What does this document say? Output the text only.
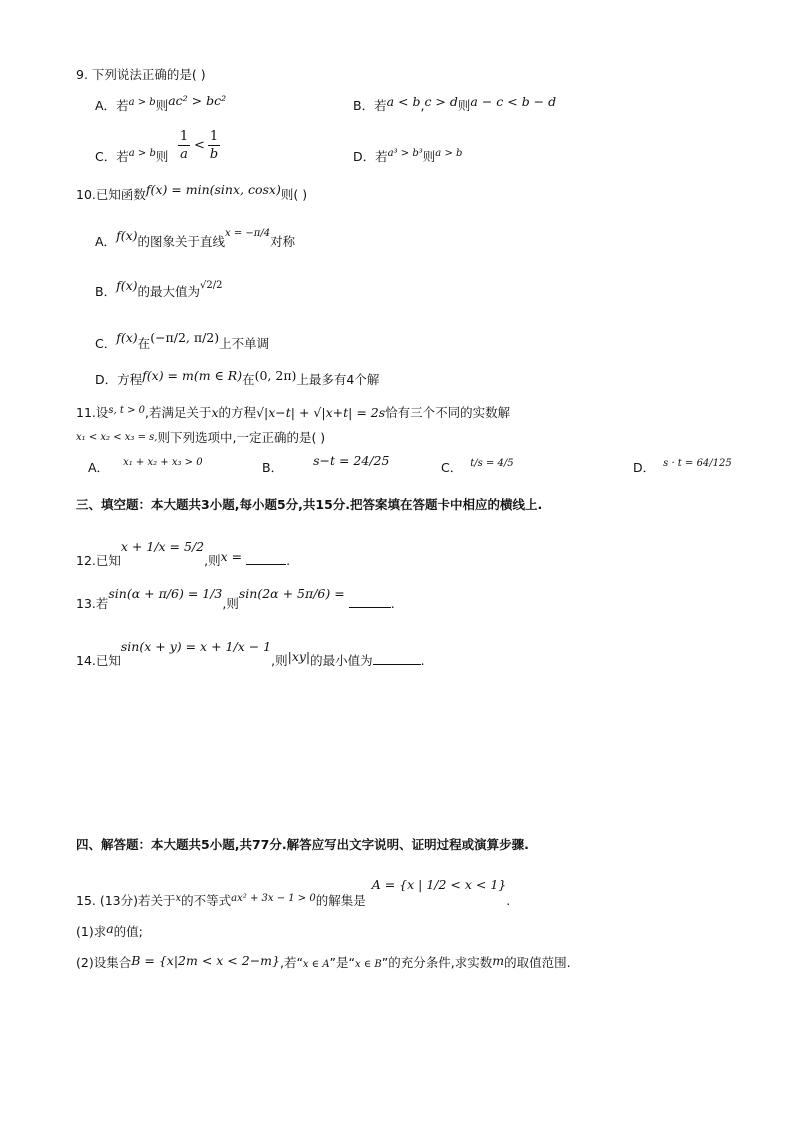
9. 下列说法正确的是( )
A．若$^{a > b}$则ac² > bc²	B．若a < b,c > d则a − c < b − d
C．若$^{a > b}$则
1
a
<
1
b	D．若$^{a^3 > b^3}$则$^{a > b}$
10.已知函数f(x) = min(sinx, cosx)则( )
A．f(x)的图象关于直线$^{x = -\pi/4}$对称
B．f(x)的最大值为$^{√2/2}$
C．f(x)在(−π/2, π/2)上不单调
D．方程f(x) = m(m ∈ R)在(0, 2π)上最多有4个解
11.设$^{s, t > 0}$,若满足关于x的方程√|x−t| + √|x+t| = 2s恰有三个不同的实数解
x₁ < x₂ < x₃ = s,则下列选项中,一定正确的是( )
A． $^{x_1 + x_2 + x_3 > 0}$	B． s−t = 24/25	C． $^{t/s = 4/5}$	D． $^{s \cdot t = 64/125}$
三、填空题：本大题共3小题,每小题5分,共15分.把答案填在答题卡中相应的横线上.
12.已知x + 1/x = 5/2,则x =	.
13.若sin(α + π/6) = 1/3,则sin(2α + 5π/6) =.
14.已知sin(x + y) = x + 1/x − 1,则|xy|的最小值为	.
四、解答题：本大题共5小题,共77分.解答应写出文字说明、证明过程或演算步骤.
15. (13分)若关于$^x$的不等式$^{ax^2 + 3x - 1 > 0}$的解集是A = {x | 1/2 < x < 1}.
(1)求a的值;
(2)设集合B = {x|2m < x < 2−m},若“x ∈ A”是“x ∈ B”的充分条件,求实数m的取值范围.
